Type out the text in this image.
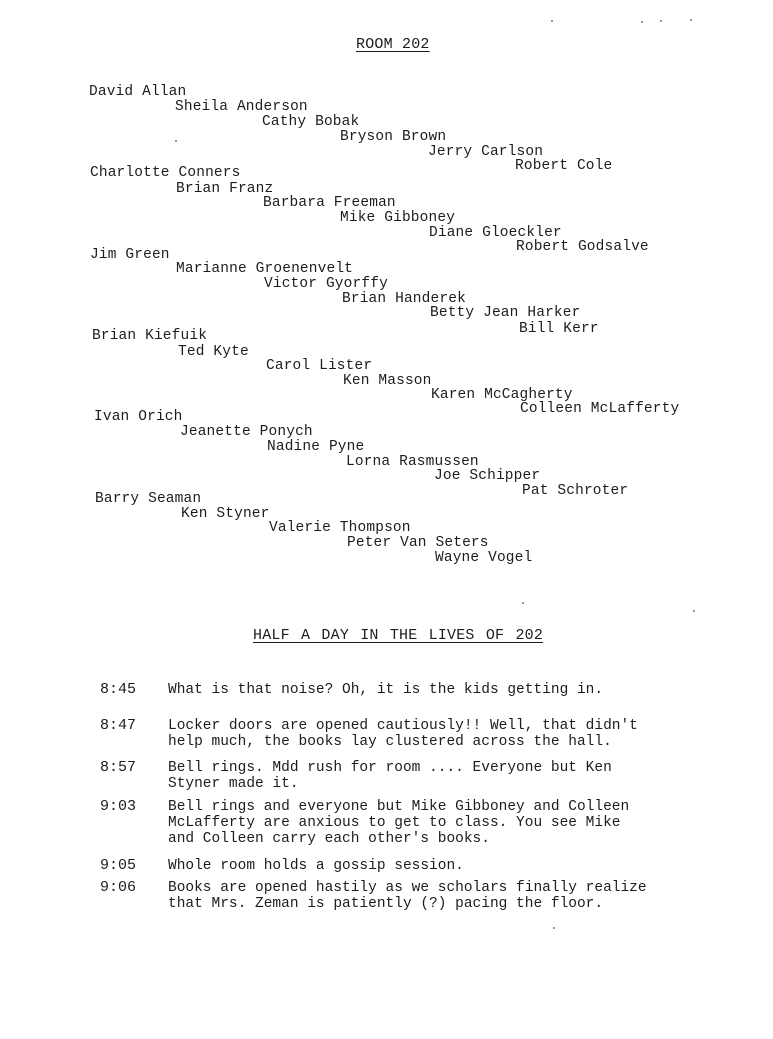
ROOM 202
David Allan
Sheila Anderson
Cathy Bobak
Bryson Brown
Jerry Carlson
Robert Cole
Charlotte Conners
Brian Franz
Barbara Freeman
Mike Gibboney
Diane Gloeckler
Robert Godsalve
Jim Green
Marianne Groenenvelt
Victor Gyorffy
Brian Handerek
Betty Jean Harker
Bill Kerr
Brian Kiefuik
Ted Kyte
Carol Lister
Ken Masson
Karen McCagherty
Colleen McLafferty
Ivan Orich
Jeanette Ponych
Nadine Pyne
Lorna Rasmussen
Joe Schipper
Pat Schroter
Barry Seaman
Ken Styner
Valerie Thompson
Peter Van Seters
Wayne Vogel
HALF A DAY IN THE LIVES OF 202
8:45 What is that noise? Oh, it is the kids getting in.
8:47 Locker doors are opened cautiously!! Well, that didn't
help much, the books lay clustered across the hall.
8:57 Bell rings. Mdd rush for room .... Everyone but Ken
Styner made it.
9:03 Bell rings and everyone but Mike Gibboney and Colleen
McLafferty are anxious to get to class. You see Mike
and Colleen carry each other's books.
9:05 Whole room holds a gossip session.
9:06 Books are opened hastily as we scholars finally realize
that Mrs. Zeman is patiently (?) pacing the floor.
